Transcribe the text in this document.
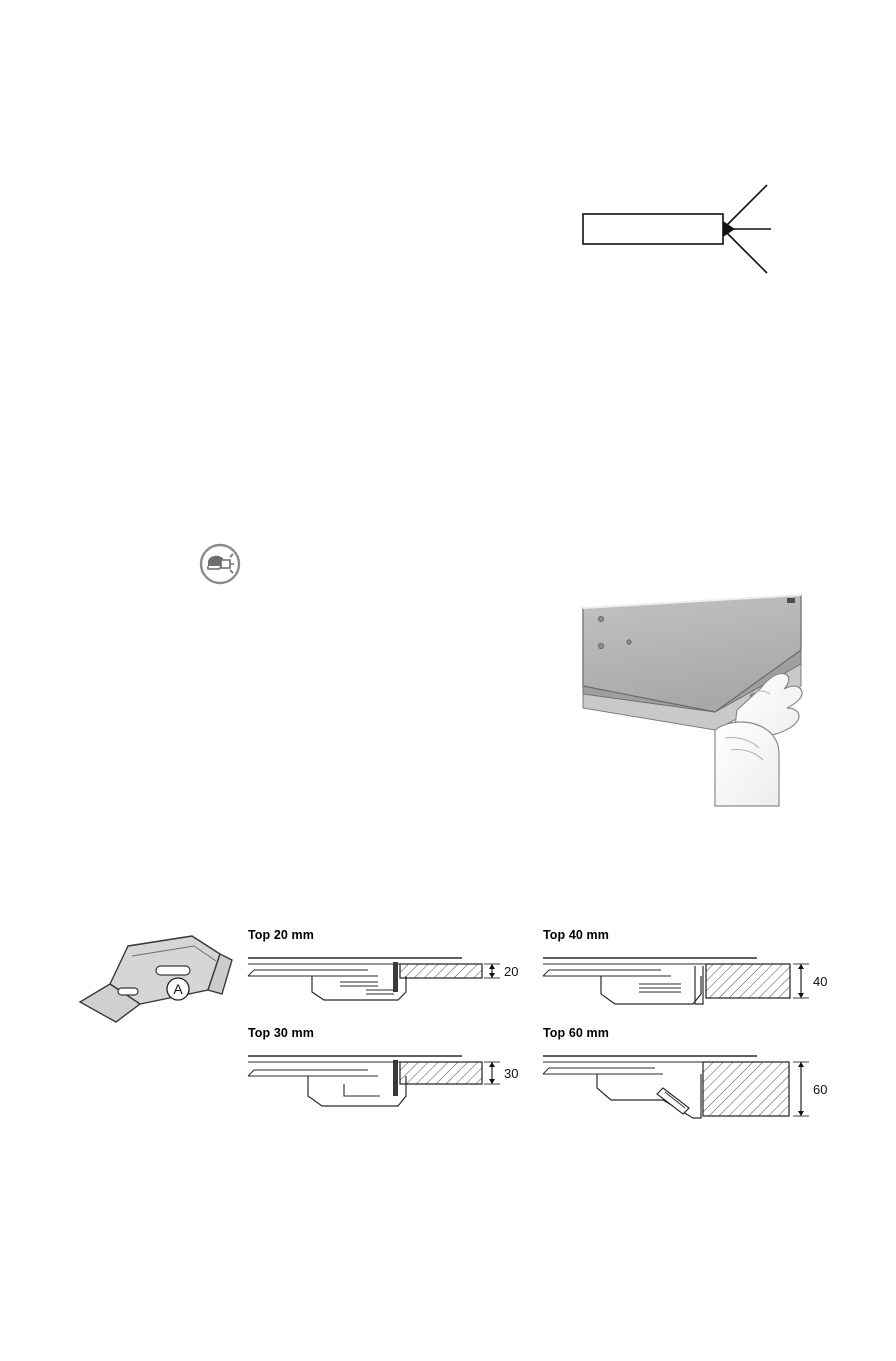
A
Top 20 mm
20
Top 30 mm
30
Top 40 mm
40
Top 60 mm
60
